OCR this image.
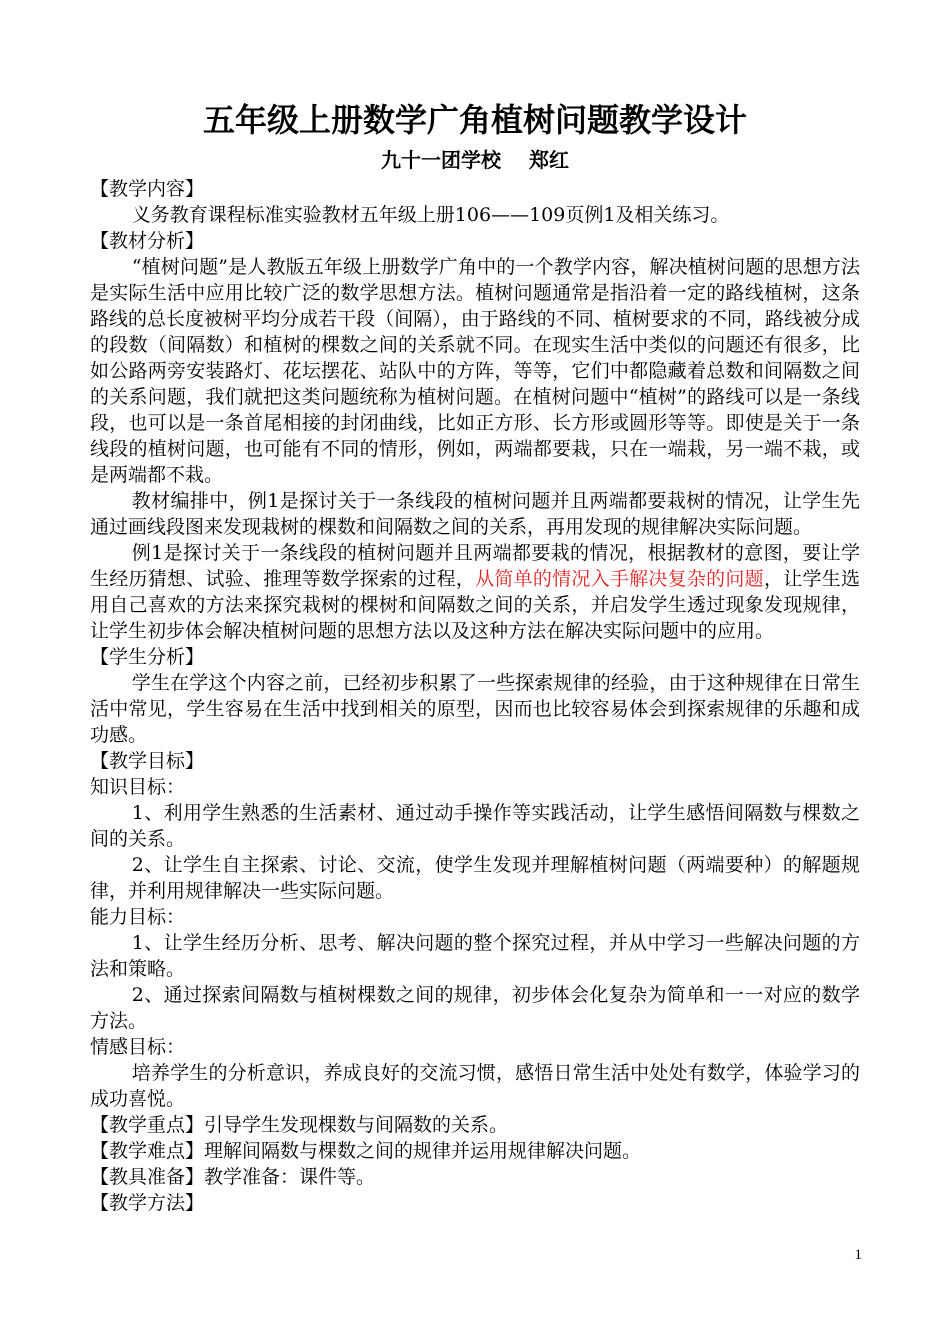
五年级上册数学广角植树问题教学设计
九十一团学校 郑红

【教学内容】

义务教育课程标准实验教材五年级上册106——109页例1及相关练习。

【教材分析】

“植树问题”是人教版五年级上册数学广角中的一个教学内容，解决植树问题的思想方法是实际生活中应用比较广泛的数学思想方法。植树问题通常是指沿着一定的路线植树，这条路线的总长度被树平均分成若干段（间隔），由于路线的不同、植树要求的不同，路线被分成的段数（间隔数）和植树的棵数之间的关系就不同。在现实生活中类似的问题还有很多，比如公路两旁安装路灯、花坛摆花、站队中的方阵，等等，它们中都隐藏着总数和间隔数之间的关系问题，我们就把这类问题统称为植树问题。在植树问题中“植树”的路线可以是一条线段，也可以是一条首尾相接的封闭曲线，比如正方形、长方形或圆形等等。即使是关于一条线段的植树问题，也可能有不同的情形，例如，两端都要栽，只在一端栽，另一端不栽，或是两端都不栽。

教材编排中，例1是探讨关于一条线段的植树问题并且两端都要栽树的情况，让学生先通过画线段图来发现栽树的棵数和间隔数之间的关系，再用发现的规律解决实际问题。

例1是探讨关于一条线段的植树问题并且两端都要栽的情况，根据教材的意图，要让学生经历猜想、试验、推理等数学探索的过程，从简单的情况入手解决复杂的问题，让学生选用自己喜欢的方法来探究栽树的棵树和间隔数之间的关系，并启发学生透过现象发现规律，让学生初步体会解决植树问题的思想方法以及这种方法在解决实际问题中的应用。

【学生分析】

学生在学这个内容之前，已经初步积累了一些探索规律的经验，由于这种规律在日常生活中常见，学生容易在生活中找到相关的原型，因而也比较容易体会到探索规律的乐趣和成功感。

【教学目标】

知识目标：

1、利用学生熟悉的生活素材、通过动手操作等实践活动，让学生感悟间隔数与棵数之间的关系。

2、让学生自主探索、讨论、交流，使学生发现并理解植树问题（两端要种）的解题规律，并利用规律解决一些实际问题。

能力目标：

1、让学生经历分析、思考、解决问题的整个探究过程，并从中学习一些解决问题的方法和策略。

2、通过探索间隔数与植树棵数之间的规律，初步体会化复杂为简单和一一对应的数学方法。

情感目标：

培养学生的分析意识，养成良好的交流习惯，感悟日常生活中处处有数学，体验学习的成功喜悦。

【教学重点】引导学生发现棵数与间隔数的关系。

【教学难点】理解间隔数与棵数之间的规律并运用规律解决问题。

【教具准备】教学准备：课件等。

【教学方法】

1
